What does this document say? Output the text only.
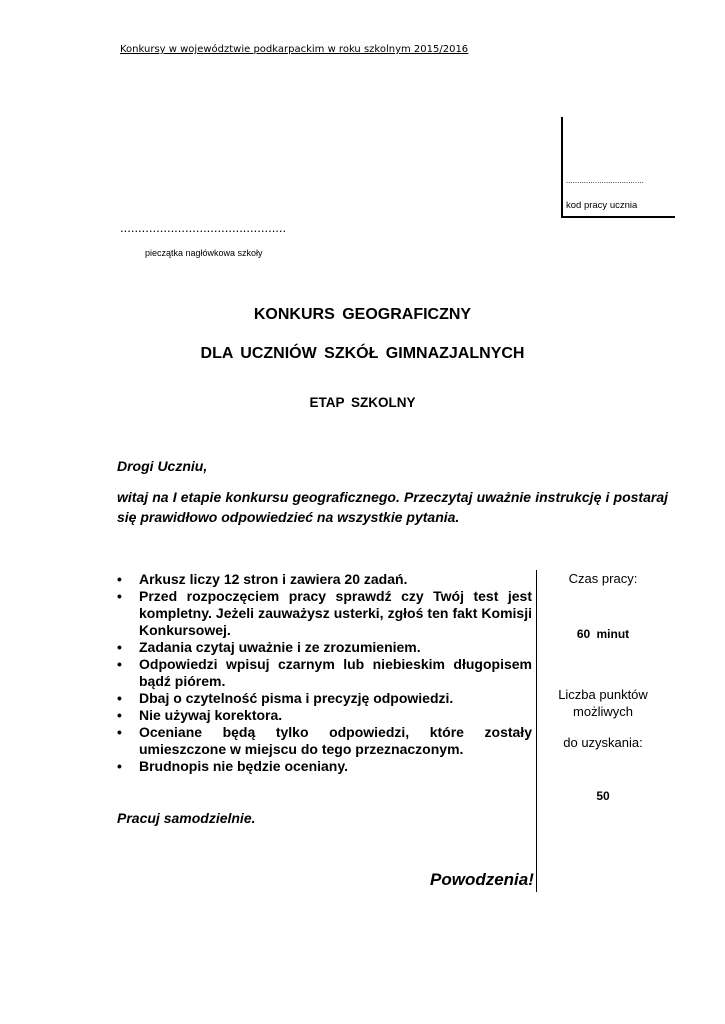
Konkursy w województwie podkarpackim w roku szkolnym 2015/2016
...................................
kod pracy ucznia
..............................................
pieczątka nagłówkowa szkoły
KONKURS GEOGRAFICZNY
DLA UCZNIÓW SZKÓŁ GIMNAZJALNYCH
ETAP SZKOLNY
Drogi Uczniu,
witaj na I etapie konkursu geograficznego. Przeczytaj uważnie instrukcję i postaraj się prawidłowo odpowiedzieć na wszystkie pytania.
• Arkusz liczy 12 stron i zawiera 20 zadań.
• Przed rozpoczęciem pracy sprawdź czy Twój test jest kompletny. Jeżeli zauważysz usterki, zgłoś ten fakt Komisji Konkursowej.
• Zadania czytaj uważnie i ze zrozumieniem.
• Odpowiedzi wpisuj czarnym lub niebieskim długopisem bądź piórem.
• Dbaj o czytelność pisma i precyzję odpowiedzi.
• Nie używaj korektora.
• Oceniane będą tylko odpowiedzi, które zostały umieszczone w miejscu do tego przeznaczonym.
• Brudnopis nie będzie oceniany.
Pracuj samodzielnie.
Powodzenia!
Czas pracy:
60 minut
Liczba punktów możliwych
do uzyskania:
50
